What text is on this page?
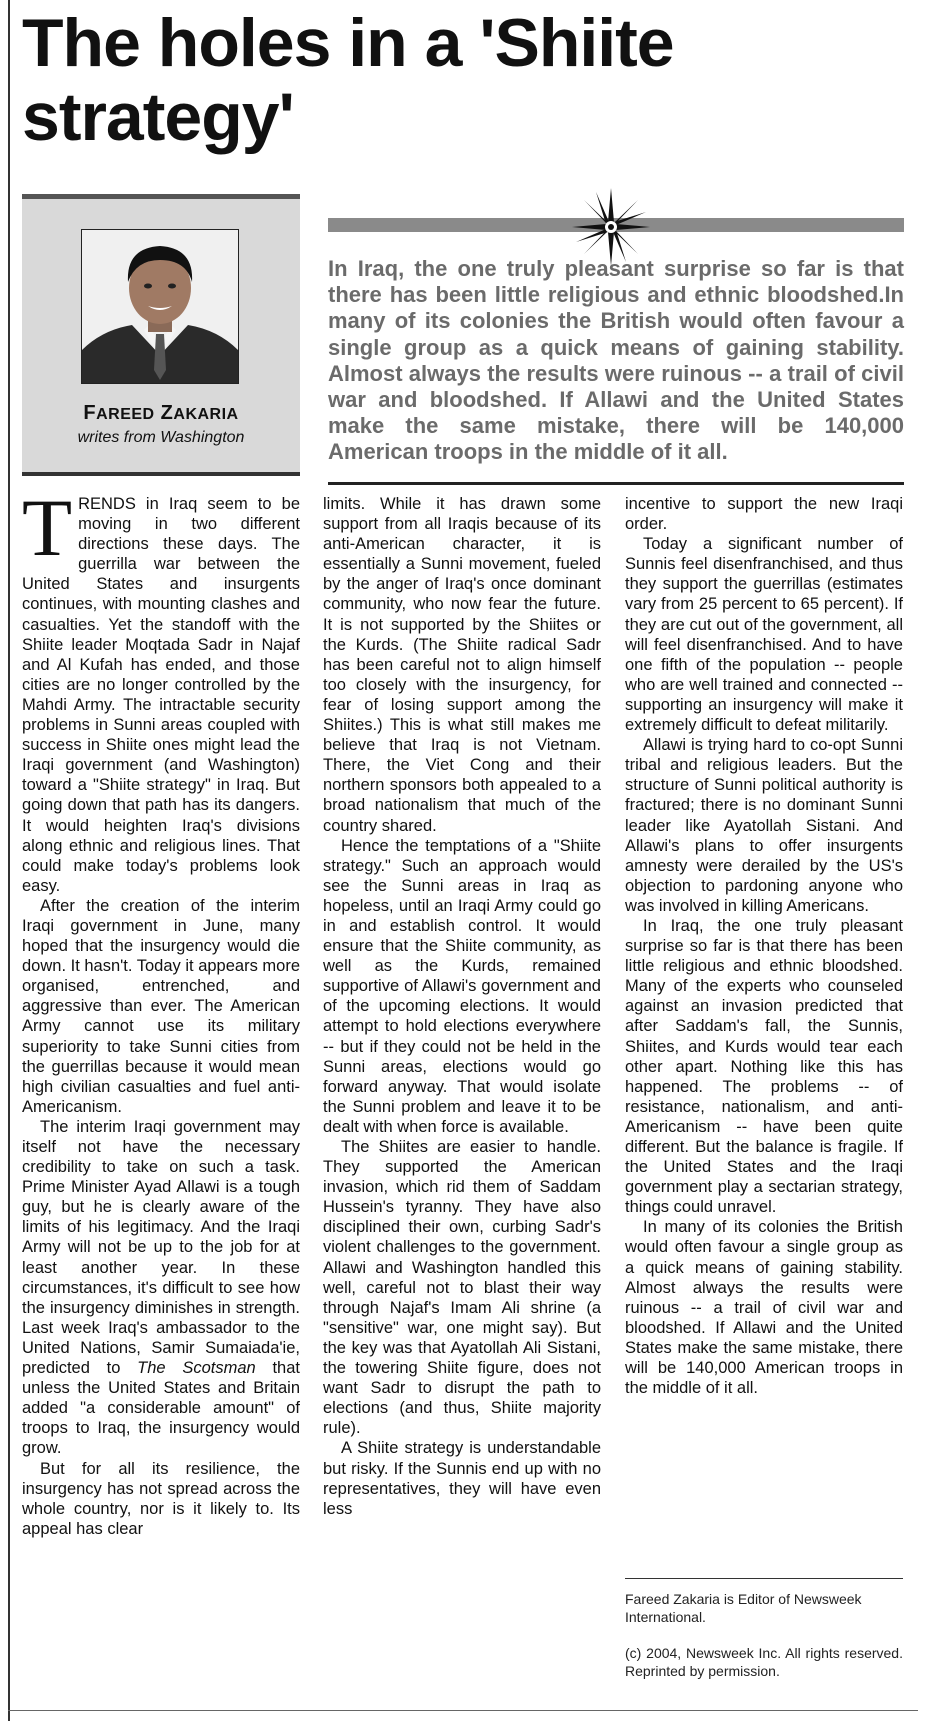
The holes in a 'Shiite strategy'
FAREED ZAKARIA
writes from Washington

In Iraq, the one truly pleasant surprise so far is that there has been little religious and ethnic bloodshed.In many of its colonies the British would often favour a single group as a quick means of gaining stability. Almost always the results were ruinous -- a trail of civil war and bloodshed. If Allawi and the United States make the same mistake, there will be 140,000 American troops in the middle of it all.

TRENDS in Iraq seem to be moving in two different directions these days. The guerrilla war between the United States and insurgents continues, with mounting clashes and casualties. Yet the standoff with the Shiite leader Moqtada Sadr in Najaf and Al Kufah has ended, and those cities are no longer controlled by the Mahdi Army. The intractable security problems in Sunni areas coupled with success in Shiite ones might lead the Iraqi government (and Washington) toward a "Shiite strategy" in Iraq. But going down that path has its dangers. It would heighten Iraq's divisions along ethnic and religious lines. That could make today's problems look easy.

After the creation of the interim Iraqi government in June, many hoped that the insurgency would die down. It hasn't. Today it appears more organised, entrenched, and aggressive than ever. The American Army cannot use its military superiority to take Sunni cities from the guerrillas because it would mean high civilian casualties and fuel anti-Americanism.

The interim Iraqi government may itself not have the necessary credibility to take on such a task. Prime Minister Ayad Allawi is a tough guy, but he is clearly aware of the limits of his legitimacy. And the Iraqi Army will not be up to the job for at least another year. In these circumstances, it's difficult to see how the insurgency diminishes in strength. Last week Iraq's ambassador to the United Nations, Samir Sumaiada'ie, predicted to The Scotsman that unless the United States and Britain added "a considerable amount" of troops to Iraq, the insurgency would grow.

But for all its resilience, the insurgency has not spread across the whole country, nor is it likely to. Its appeal has clear

limits. While it has drawn some support from all Iraqis because of its anti-American character, it is essentially a Sunni movement, fueled by the anger of Iraq's once dominant community, who now fear the future. It is not supported by the Shiites or the Kurds. (The Shiite radical Sadr has been careful not to align himself too closely with the insurgency, for fear of losing support among the Shiites.) This is what still makes me believe that Iraq is not Vietnam. There, the Viet Cong and their northern sponsors both appealed to a broad nationalism that much of the country shared.

Hence the temptations of a "Shiite strategy." Such an approach would see the Sunni areas in Iraq as hopeless, until an Iraqi Army could go in and establish control. It would ensure that the Shiite community, as well as the Kurds, remained supportive of Allawi's government and of the upcoming elections. It would attempt to hold elections everywhere -- but if they could not be held in the Sunni areas, elections would go forward anyway. That would isolate the Sunni problem and leave it to be dealt with when force is available.

The Shiites are easier to handle. They supported the American invasion, which rid them of Saddam Hussein's tyranny. They have also disciplined their own, curbing Sadr's violent challenges to the government. Allawi and Washington handled this well, careful not to blast their way through Najaf's Imam Ali shrine (a "sensitive" war, one might say). But the key was that Ayatollah Ali Sistani, the towering Shiite figure, does not want Sadr to disrupt the path to elections (and thus, Shiite majority rule).

A Shiite strategy is understandable but risky. If the Sunnis end up with no representatives, they will have even less

incentive to support the new Iraqi order.

Today a significant number of Sunnis feel disenfranchised, and thus they support the guerrillas (estimates vary from 25 percent to 65 percent). If they are cut out of the government, all will feel disenfranchised. And to have one fifth of the population -- people who are well trained and connected -- supporting an insurgency will make it extremely difficult to defeat militarily.

Allawi is trying hard to co-opt Sunni tribal and religious leaders. But the structure of Sunni political authority is fractured; there is no dominant Sunni leader like Ayatollah Sistani. And Allawi's plans to offer insurgents amnesty were derailed by the US's objection to pardoning anyone who was involved in killing Americans.

In Iraq, the one truly pleasant surprise so far is that there has been little religious and ethnic bloodshed. Many of the experts who counseled against an invasion predicted that after Saddam's fall, the Sunnis, Shiites, and Kurds would tear each other apart. Nothing like this has happened. The problems -- of resistance, nationalism, and anti-Americanism -- have been quite different. But the balance is fragile. If the United States and the Iraqi government play a sectarian strategy, things could unravel.

In many of its colonies the British would often favour a single group as a quick means of gaining stability. Almost always the results were ruinous -- a trail of civil war and bloodshed. If Allawi and the United States make the same mistake, there will be 140,000 American troops in the middle of it all.

Fareed Zakaria is Editor of Newsweek International.

(c) 2004, Newsweek Inc. All rights reserved. Reprinted by permission.
